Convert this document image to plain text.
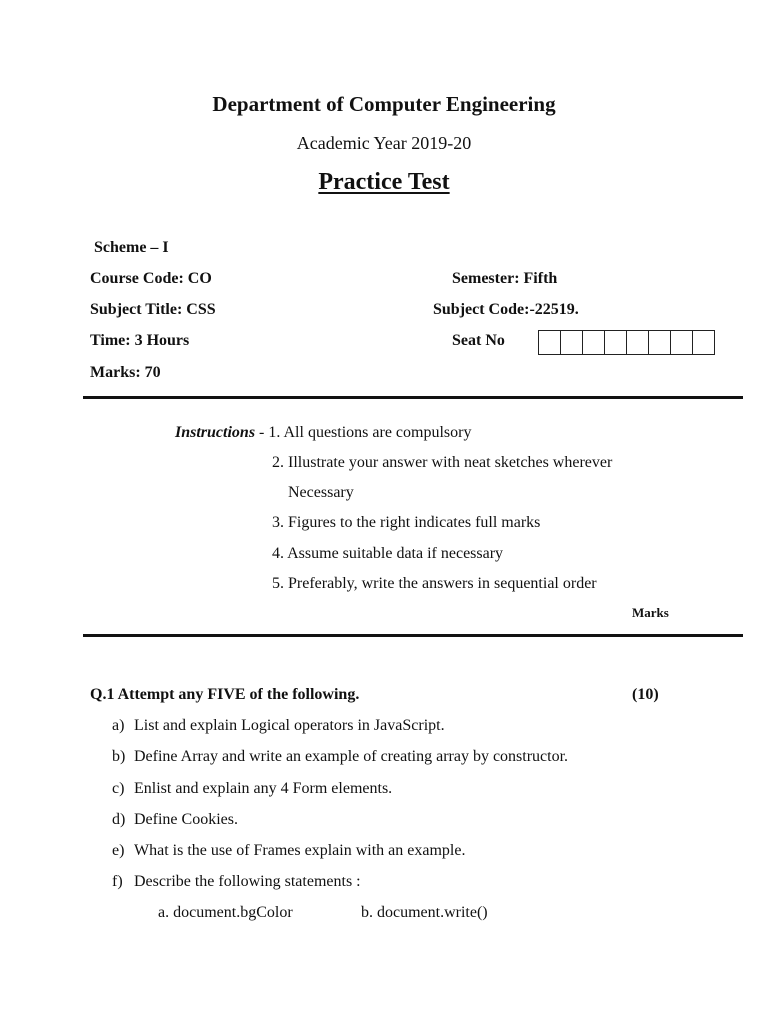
Department of Computer Engineering
Academic Year 2019-20
Practice Test
Scheme – I
Course Code: CO	Semester: Fifth
Subject Title: CSS	Subject Code:-22519.
Time: 3 Hours	Seat No
Marks: 70
Instructions - 1. All questions are compulsory
2. Illustrate your answer with neat sketches wherever
Necessary
3. Figures to the right indicates full marks
4. Assume suitable data if necessary
5. Preferably, write the answers in sequential order
Marks
Q.1 Attempt any FIVE of the following.	(10)
a) List and explain Logical operators in JavaScript.
b) Define Array and write an example of creating array by constructor.
c) Enlist and explain any 4 Form elements.
d) Define Cookies.
e) What is the use of Frames explain with an example.
f) Describe the following statements :
a. document.bgColor	b. document.write()
